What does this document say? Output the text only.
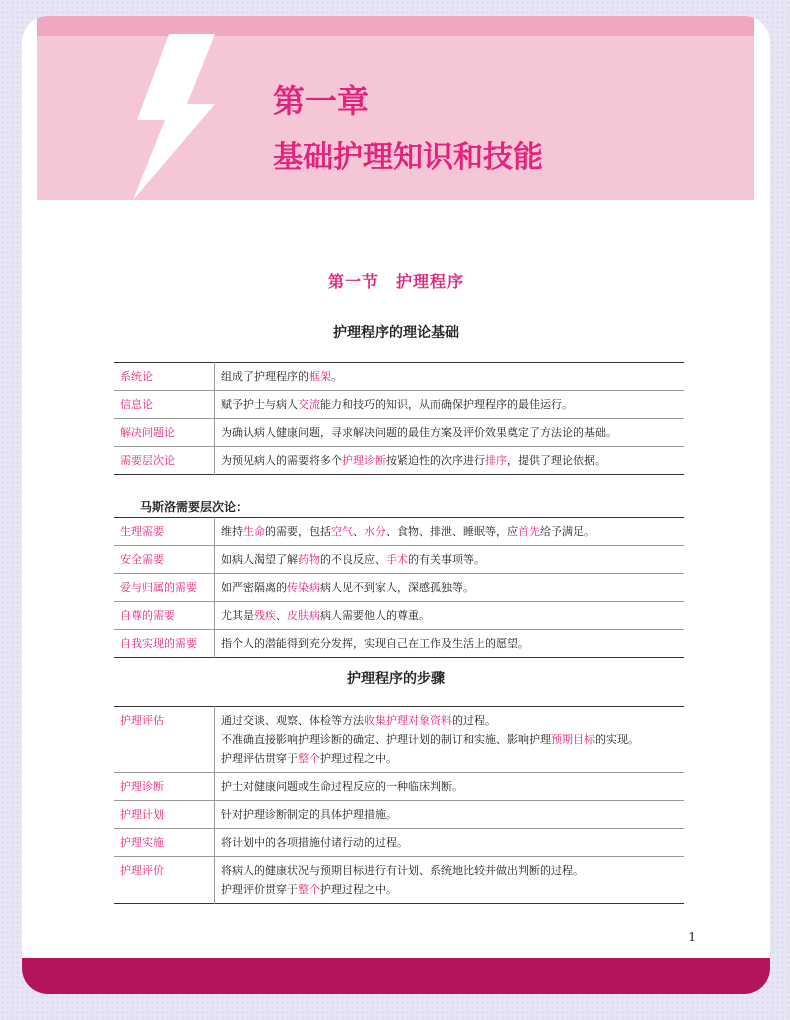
第一章
基础护理知识和技能
第一节　护理程序
护理程序的理论基础
系统论	组成了护理程序的框架。

信息论	赋予护士与病人交流能力和技巧的知识，从而确保护理程序的最佳运行。

解决问题论	为确认病人健康问题，寻求解决问题的最佳方案及评价效果奠定了方法论的基础。

需要层次论	为预见病人的需要将多个护理诊断按紧迫性的次序进行排序，提供了理论依据。
马斯洛需要层次论：
生理需要	维持生命的需要，包括空气、水分、食物、排泄、睡眠等，应首先给予满足。

安全需要	如病人渴望了解药物的不良反应、手术的有关事项等。

爱与归属的需要	如严密隔离的传染病病人见不到家人，深感孤独等。

自尊的需要	尤其是残疾、皮肤病病人需要他人的尊重。

自我实现的需要	指个人的潜能得到充分发挥，实现自己在工作及生活上的愿望。
护理程序的步骤
护理评估	通过交谈、观察、体检等方法收集护理对象资料的过程。
不准确直接影响护理诊断的确定、护理计划的制订和实施、影响护理预期目标的实现。
护理评估贯穿于整个护理过程之中。

护理诊断	护士对健康问题或生命过程反应的一种临床判断。

护理计划	针对护理诊断制定的具体护理措施。

护理实施	将计划中的各项措施付诸行动的过程。

护理评价	将病人的健康状况与预期目标进行有计划、系统地比较并做出判断的过程。
护理评价贯穿于整个护理过程之中。

1
